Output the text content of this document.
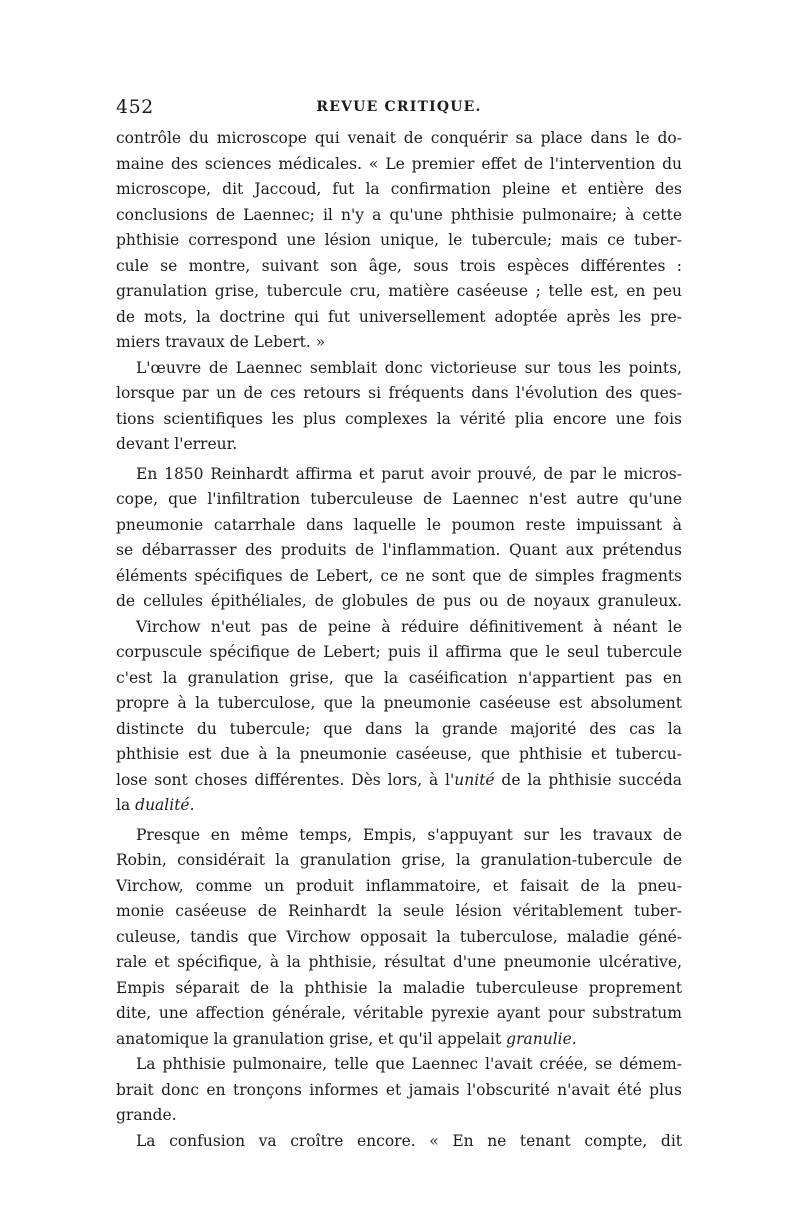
452	REVUE CRITIQUE.
contrôle du microscope qui venait de conquérir sa place dans le do-
maine des sciences médicales. « Le premier effet de l'intervention du
microscope, dit Jaccoud, fut la confirmation pleine et entière des
conclusions de Laennec; il n'y a qu'une phthisie pulmonaire; à cette
phthisie correspond une lésion unique, le tubercule; mais ce tuber-
cule se montre, suivant son âge, sous trois espèces différentes :
granulation grise, tubercule cru, matière caséeuse ; telle est, en peu
de mots, la doctrine qui fut universellement adoptée après les pre-
miers travaux de Lebert. »
L'œuvre de Laennec semblait donc victorieuse sur tous les points,
lorsque par un de ces retours si fréquents dans l'évolution des ques-
tions scientifiques les plus complexes la vérité plia encore une fois
devant l'erreur.
En 1850 Reinhardt affirma et parut avoir prouvé, de par le micros-
cope, que l'infiltration tuberculeuse de Laennec n'est autre qu'une
pneumonie catarrhale dans laquelle le poumon reste impuissant à
se débarrasser des produits de l'inflammation. Quant aux prétendus
éléments spécifiques de Lebert, ce ne sont que de simples fragments
de cellules épithéliales, de globules de pus ou de noyaux granuleux.
Virchow n'eut pas de peine à réduire définitivement à néant le
corpuscule spécifique de Lebert; puis il affirma que le seul tubercule
c'est la granulation grise, que la caséification n'appartient pas en
propre à la tuberculose, que la pneumonie caséeuse est absolument
distincte du tubercule; que dans la grande majorité des cas la
phthisie est due à la pneumonie caséeuse, que phthisie et tubercu-
lose sont choses différentes. Dès lors, à l'unité de la phthisie succéda
la dualité.
Presque en même temps, Empis, s'appuyant sur les travaux de
Robin, considérait la granulation grise, la granulation-tubercule de
Virchow, comme un produit inflammatoire, et faisait de la pneu-
monie caséeuse de Reinhardt la seule lésion véritablement tuber-
culeuse, tandis que Virchow opposait la tuberculose, maladie géné-
rale et spécifique, à la phthisie, résultat d'une pneumonie ulcérative,
Empis séparait de la phthisie la maladie tuberculeuse proprement
dite, une affection générale, véritable pyrexie ayant pour substratum
anatomique la granulation grise, et qu'il appelait granulie.
La phthisie pulmonaire, telle que Laennec l'avait créée, se démem-
brait donc en tronçons informes et jamais l'obscurité n'avait été plus
grande.
La confusion va croître encore. « En ne tenant compte, dit
